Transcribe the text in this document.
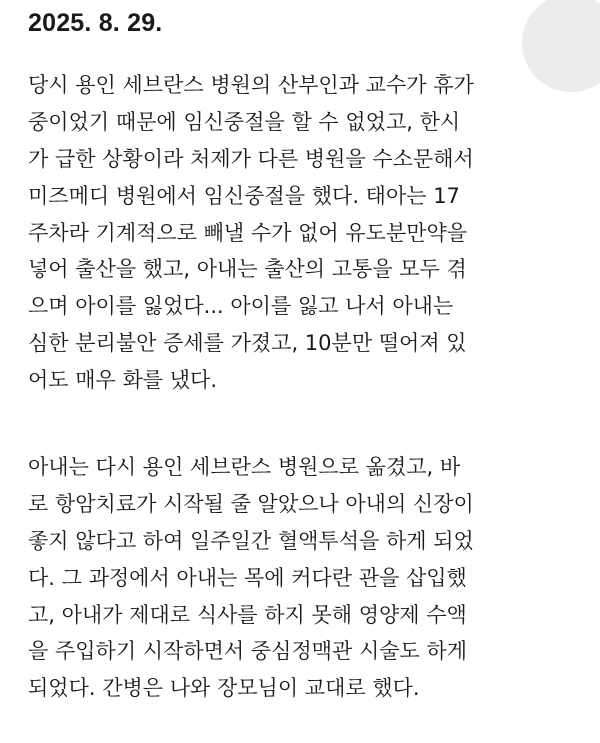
2025. 8. 29.
당시 용인 세브란스 병원의 산부인과 교수가 휴가
중이었기 때문에 임신중절을 할 수 없었고, 한시
가 급한 상황이라 처제가 다른 병원을 수소문해서
미즈메디 병원에서 임신중절을 했다. 태아는 17
주차라 기계적으로 빼낼 수가 없어 유도분만약을
넣어 출산을 했고, 아내는 출산의 고통을 모두 겪
으며 아이를 잃었다... 아이를 잃고 나서 아내는
심한 분리불안 증세를 가졌고, 10분만 떨어져 있
어도 매우 화를 냈다.
아내는 다시 용인 세브란스 병원으로 옮겼고, 바
로 항암치료가 시작될 줄 알았으나 아내의 신장이
좋지 않다고 하여 일주일간 혈액투석을 하게 되었
다. 그 과정에서 아내는 목에 커다란 관을 삽입했
고, 아내가 제대로 식사를 하지 못해 영양제 수액
을 주입하기 시작하면서 중심정맥관 시술도 하게
되었다. 간병은 나와 장모님이 교대로 했다.
